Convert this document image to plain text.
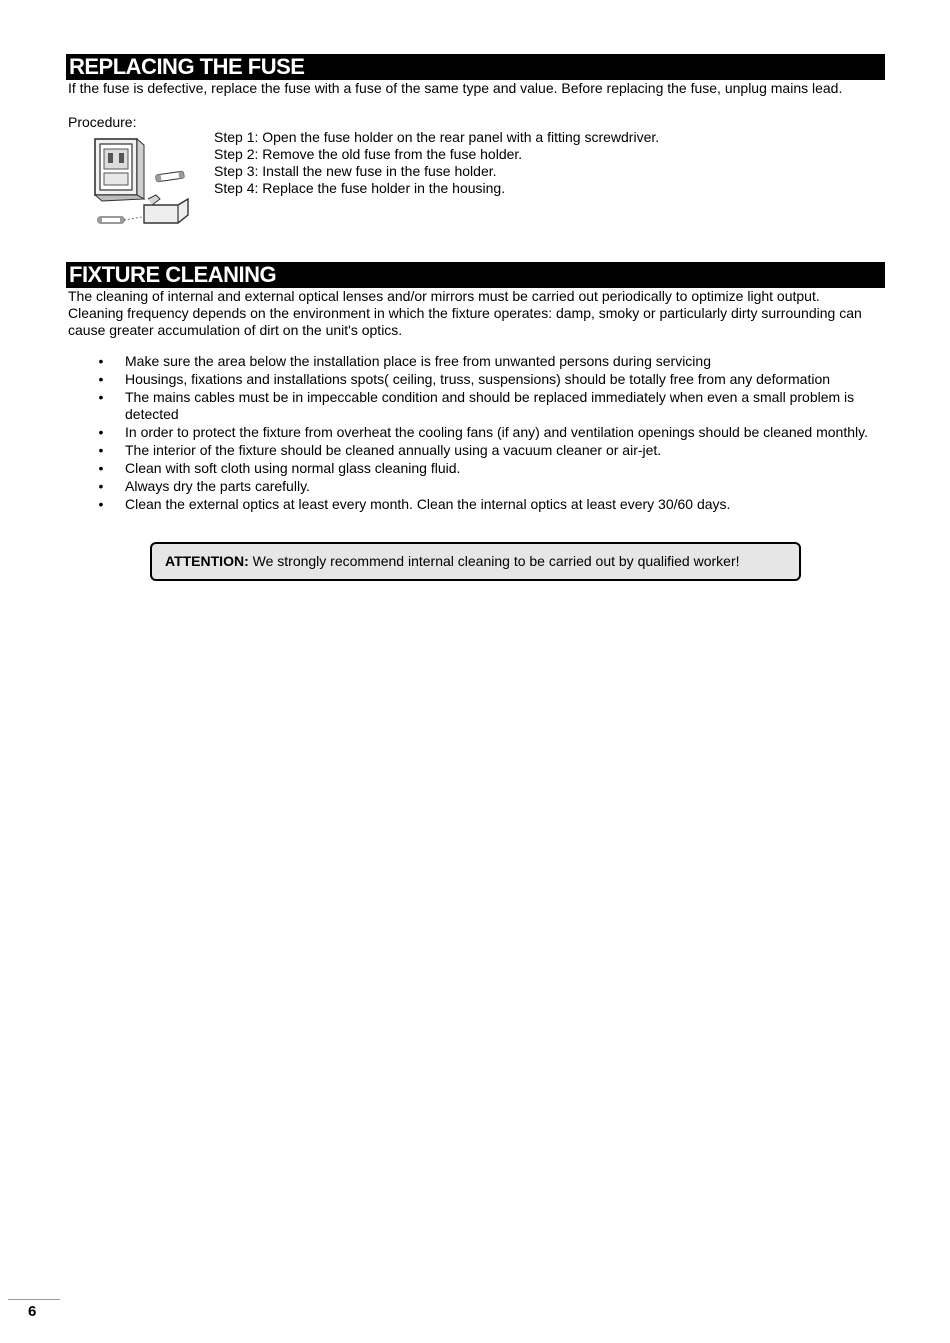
REPLACING THE FUSE

If the fuse is defective, replace the fuse with a fuse of the same type and value. Before replacing the fuse, unplug mains lead.

Procedure:

Step 1: Open the fuse holder on the rear panel with a fitting screwdriver.
Step 2: Remove the old fuse from the fuse holder.
Step 3: Install the new fuse in the fuse holder.
Step 4: Replace the fuse holder in the housing.
FIXTURE CLEANING

The cleaning of internal and external optical lenses and/or mirrors must be carried out periodically to optimize light output. Cleaning frequency depends on the environment in which the fixture operates: damp, smoky or particularly dirty surrounding can cause greater accumulation of dirt on the unit's optics.

• Make sure the area below the installation place is free from unwanted persons during servicing
• Housings, fixations and installations spots( ceiling, truss, suspensions) should be totally free from any deformation
• The mains cables must be in impeccable condition and should be replaced immediately when even a small problem is detected
• In order to protect the fixture from overheat the cooling fans (if any) and ventilation openings should be cleaned monthly.
• The interior of the fixture should be cleaned annually using a vacuum cleaner or air-jet.
• Clean with soft cloth using normal glass cleaning fluid.
• Always dry the parts carefully.
• Clean the external optics at least every month. Clean the internal optics at least every 30/60 days.
ATTENTION: We strongly recommend internal cleaning to be carried out by qualified worker!
6
